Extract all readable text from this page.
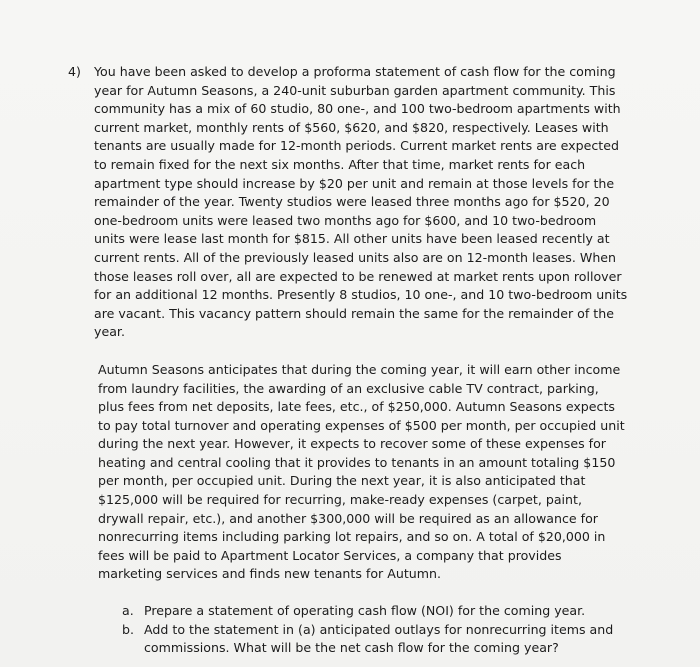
4) You have been asked to develop a proforma statement of cash flow for the coming year for Autumn Seasons, a 240-unit suburban garden apartment community. This community has a mix of 60 studio, 80 one-, and 100 two-bedroom apartments with current market, monthly rents of $560, $620, and $820, respectively. Leases with tenants are usually made for 12-month periods. Current market rents are expected to remain fixed for the next six months. After that time, market rents for each apartment type should increase by $20 per unit and remain at those levels for the remainder of the year. Twenty studios were leased three months ago for $520, 20 one-bedroom units were leased two months ago for $600, and 10 two-bedroom units were lease last month for $815. All other units have been leased recently at current rents. All of the previously leased units also are on 12-month leases. When those leases roll over, all are expected to be renewed at market rents upon rollover for an additional 12 months. Presently 8 studios, 10 one-, and 10 two-bedroom units are vacant. This vacancy pattern should remain the same for the remainder of the year.

Autumn Seasons anticipates that during the coming year, it will earn other income from laundry facilities, the awarding of an exclusive cable TV contract, parking, plus fees from net deposits, late fees, etc., of $250,000. Autumn Seasons expects to pay total turnover and operating expenses of $500 per month, per occupied unit during the next year. However, it expects to recover some of these expenses for heating and central cooling that it provides to tenants in an amount totaling $150 per month, per occupied unit. During the next year, it is also anticipated that $125,000 will be required for recurring, make-ready expenses (carpet, paint, drywall repair, etc.), and another $300,000 will be required as an allowance for nonrecurring items including parking lot repairs, and so on. A total of $20,000 in fees will be paid to Apartment Locator Services, a company that provides marketing services and finds new tenants for Autumn.

a. Prepare a statement of operating cash flow (NOI) for the coming year.
b. Add to the statement in (a) anticipated outlays for nonrecurring items and commissions. What will be the net cash flow for the coming year?
